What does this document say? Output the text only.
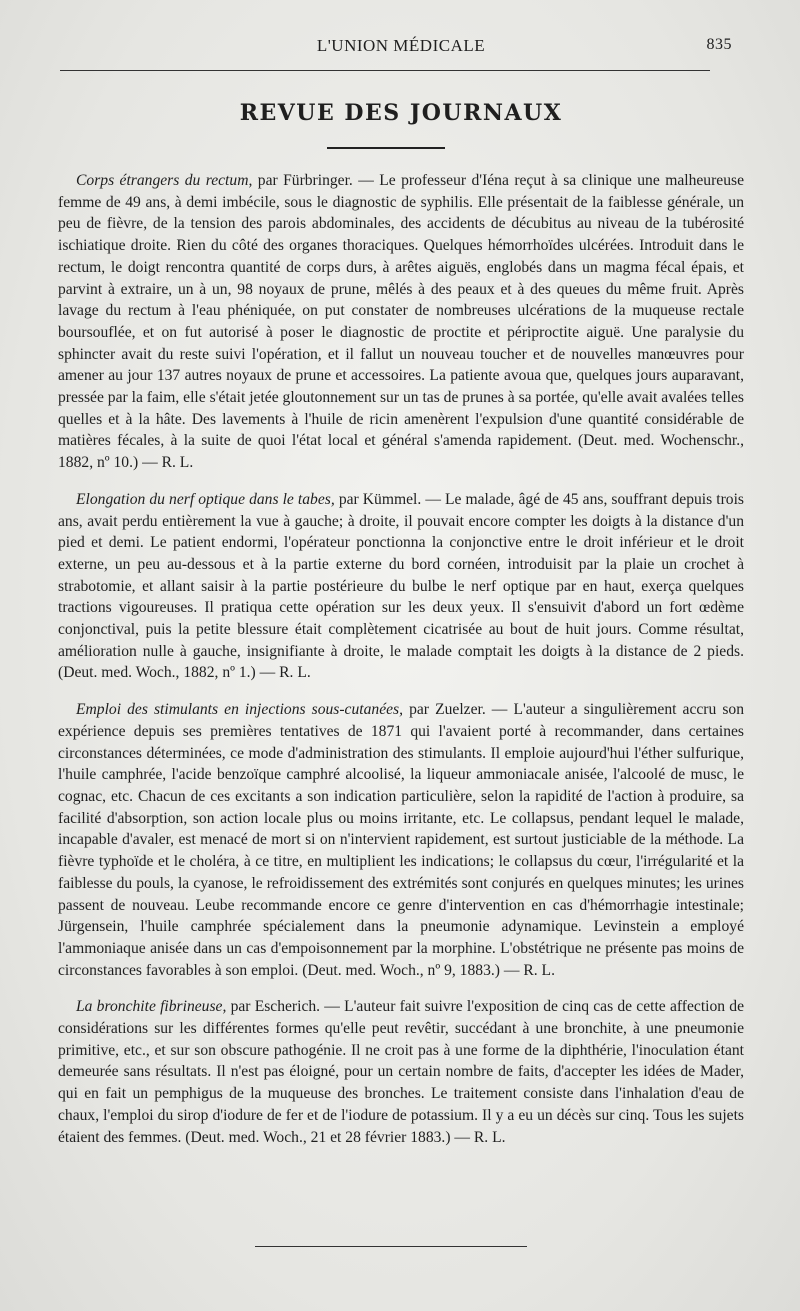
L'UNION MÉDICALE	835
REVUE DES JOURNAUX

Corps étrangers du rectum, par Fürbringer. — Le professeur d'Iéna reçut à sa clinique une malheureuse femme de 49 ans, à demi imbécile, sous le diagnostic de syphilis. Elle présentait de la faiblesse générale, un peu de fièvre, de la tension des parois abdominales, des accidents de décubitus au niveau de la tubérosité ischiatique droite. Rien du côté des organes thoraciques. Quelques hémorrhoïdes ulcérées. Introduit dans le rectum, le doigt rencontra quantité de corps durs, à arêtes aiguës, englobés dans un magma fécal épais, et parvint à extraire, un à un, 98 noyaux de prune, mêlés à des peaux et à des queues du même fruit. Après lavage du rectum à l'eau phéniquée, on put constater de nombreuses ulcérations de la muqueuse rectale boursouflée, et on fut autorisé à poser le diagnostic de proctite et périproctite aiguë. Une paralysie du sphincter avait du reste suivi l'opération, et il fallut un nouveau toucher et de nouvelles manœuvres pour amener au jour 137 autres noyaux de prune et accessoires. La patiente avoua que, quelques jours auparavant, pressée par la faim, elle s'était jetée gloutonnement sur un tas de prunes à sa portée, qu'elle avait avalées telles quelles et à la hâte. Des lavements à l'huile de ricin amenèrent l'expulsion d'une quantité considérable de matières fécales, à la suite de quoi l'état local et général s'amenda rapidement. (Deut. med. Wochenschr., 1882, nº 10.) — R. L.

Elongation du nerf optique dans le tabes, par Kümmel. — Le malade, âgé de 45 ans, souffrant depuis trois ans, avait perdu entièrement la vue à gauche; à droite, il pouvait encore compter les doigts à la distance d'un pied et demi. Le patient endormi, l'opérateur ponctionna la conjonctive entre le droit inférieur et le droit externe, un peu au-dessous et à la partie externe du bord cornéen, introduisit par la plaie un crochet à strabotomie, et allant saisir à la partie postérieure du bulbe le nerf optique par en haut, exerça quelques tractions vigoureuses. Il pratiqua cette opération sur les deux yeux. Il s'ensuivit d'abord un fort œdème conjonctival, puis la petite blessure était complètement cicatrisée au bout de huit jours. Comme résultat, amélioration nulle à gauche, insignifiante à droite, le malade comptait les doigts à la distance de 2 pieds. (Deut. med. Woch., 1882, nº 1.) — R. L.

Emploi des stimulants en injections sous-cutanées, par Zuelzer. — L'auteur a singulièrement accru son expérience depuis ses premières tentatives de 1871 qui l'avaient porté à recommander, dans certaines circonstances déterminées, ce mode d'administration des stimulants. Il emploie aujourd'hui l'éther sulfurique, l'huile camphrée, l'acide benzoïque camphré alcoolisé, la liqueur ammoniacale anisée, l'alcoolé de musc, le cognac, etc. Chacun de ces excitants a son indication particulière, selon la rapidité de l'action à produire, sa facilité d'absorption, son action locale plus ou moins irritante, etc. Le collapsus, pendant lequel le malade, incapable d'avaler, est menacé de mort si on n'intervient rapidement, est surtout justiciable de la méthode. La fièvre typhoïde et le choléra, à ce titre, en multiplient les indications; le collapsus du cœur, l'irrégularité et la faiblesse du pouls, la cyanose, le refroidissement des extrémités sont conjurés en quelques minutes; les urines passent de nouveau. Leube recommande encore ce genre d'intervention en cas d'hémorrhagie intestinale; Jürgensein, l'huile camphrée spécialement dans la pneumonie adynamique. Levinstein a employé l'ammoniaque anisée dans un cas d'empoisonnement par la morphine. L'obstétrique ne présente pas moins de circonstances favorables à son emploi. (Deut. med. Woch., nº 9, 1883.) — R. L.

La bronchite fibrineuse, par Escherich. — L'auteur fait suivre l'exposition de cinq cas de cette affection de considérations sur les différentes formes qu'elle peut revêtir, succédant à une bronchite, à une pneumonie primitive, etc., et sur son obscure pathogénie. Il ne croit pas à une forme de la diphthérie, l'inoculation étant demeurée sans résultats. Il n'est pas éloigné, pour un certain nombre de faits, d'accepter les idées de Mader, qui en fait un pemphigus de la muqueuse des bronches. Le traitement consiste dans l'inhalation d'eau de chaux, l'emploi du sirop d'iodure de fer et de l'iodure de potassium. Il y a eu un décès sur cinq. Tous les sujets étaient des femmes. (Deut. med. Woch., 21 et 28 février 1883.) — R. L.
